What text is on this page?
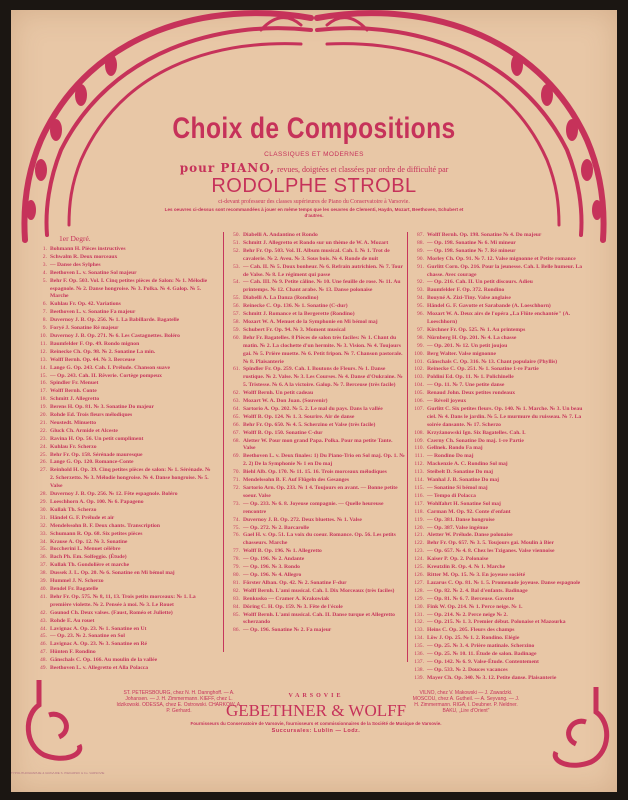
Choix de Compositions
CLASSIQUES ET MODERNES
pour PIANO, revues, doigtées et classées par ordre de difficulté par
RODOLPHE STROBL
ci-devant professeur des classes supérieures de Piano du Conservatoire à Varsovie.
Les oeuvres ci-dessus sont recommandées à jouer en même temps que les oeuvres de Clementi, Haydn, Mozart, Beethoven, Schubert et d'autres.
1er Degré.
1. Bohmann H. Pièces instructives
2. Schwalm R. Deux morceaux
3. — Danse des Sylphes
4. Beethoven L. v. Sonatine Sol majeur
5. Behr F. Op. 503. Vol. I. Cinq petites pièces de Salon: № 1. Mélodie espagnole. № 2. Danse hongroise. № 3. Polka. № 4. Galop. № 5. Marche
6. Kuhlau Fr. Op. 42. Variations
7. Beethoven L. v. Sonatine Fa majeur
8. Duvernoy J. B. Op. 256. № 1. La Babillarde. Bagatelle
9. Foryé J. Sonatine Ré majeur
10. Duvernoy J. B. Op. 271. № 6. Les Castagnettes. Boléro
11. Baumfelder F. Op. 49. Rondo mignon
12. Reinecke Ch. Op. 98. № 2. Sonatine La min.
13. Wolff Bernh. Op. 44. № 3. Berceuse
14. Lange G. Op. 243. Cah. I. Prélude. Chanson suave
15. — Op. 243. Cah. II. Rêverie. Cortège pompeux
16. Spindler Fr. Menuet
17. Wolff Bernh. Conte
18. Schmitt J. Allegretto
19. Berens H. Op. 81. № 3. Sonatine Do majeur
20. Rohde Ed. Trois fleurs mélodiques
21. Neustedt. Minuetto
22. Gluck Ch. Armide et Alceste
23. Ravina H. Op. 56. Un petit compliment
24. Kuhlau Fr. Scherzo
25. Behr Fr. Op. 158. Sérénade mauresque
26. Lange G. Op. 120. Romance-Conte
27. Reinhold H. Op. 39. Cinq petites pièces de salon: № 1. Sérénade. № 2. Scherzetto. № 3. Mélodie hongroise. № 4. Danse hongroise. № 5. Valse
28. Duvernoy J. B. Op. 256. № 12. Fête espagnole. Boléro
29. Loeschhorn A. Op. 100. № 6. Papageno
30. Kullak Th. Scherzo
31. Händel G. F. Prélude et air
32. Mendelssohn B. F. Deux chants. Transcription
33. Schumann R. Op. 68. Six petites pièces
34. Krause A. Op. 12. № 3. Sonatine
35. Boccherini L. Menuet célèbre
36. Bach Ph. Em. Solfeggio. (Étude)
37. Kullak Th. Gondolière et marche
38. Dussek J. L. Op. 20. № 6. Sonatine en Mi bémol maj
39. Hummel J. N. Scherzo
40. Bendel Fr. Bagatelle
41. Behr Fr. Op. 575. № 8, 11, 13. Trois petits morceaux: № 1. La première violette. № 2. Pensée à moi. № 3. Le Rouet
42. Gounod Ch. Deux valses. (Faust, Roméo et Juliette)
43. Rohde E. Au rouet
44. Lavignac A. Op. 23. № 1. Sonatine en Ut
45. — Op. 23. № 2. Sonatine en Sol
46. Lavignac A. Op. 23. № 3. Sonatine en Ré
47. Hünten F. Rondino
48. Gänschals C. Op. 166. Au moulin de la vallée
49. Beethoven L. v. Allegretto et Alla Polacca
50. Diabelli A. Andantino et Rondo
51. Schmitt J. Allegretto et Rondo sur un thème de W. A. Mozart
52. Behr Fr. Op. 503. Vol. II. Album musical. Cah. I. № 1. Trot de cavalerie. № 2. Aveu. № 3. Sous bois. № 4. Ronde de nuit
53. — Cah. II. № 5. Doux bonheur. № 6. Refrain autrichien. № 7. Tour de Valse. № 8. Le régiment qui passe
54. — Cah. III. № 9. Petite câline. № 10. Une feuille de rose. № 11. Au printemps. № 12. Chant arabe. № 13. Danse polonaise
55. Diabelli A. La Danza (Rondino)
56. Reinecke C. Op. 136. № 1. Sonatine (C-dur)
57. Schmitt J. Romance et la Bergerette (Rondino)
58. Mozart W. A. Menuet de la Symphonie en Mi bémol maj
59. Schubert Fr. Op. 94. № 3. Moment musical
60. Behr Fr. Bagatelles. 8 Pièces de salon très faciles: № 1. Chant du matin. № 2. La clochette d'un hermite. № 3. Vision. № 4. Toujours gai. № 5. Prière muette. № 6. Petit fripon. № 7. Chanson pastorale. № 8. Plaisanterie
61. Spindler Fr. Op. 259. Cah. I. Boutons de Fleurs. № 1. Danse rustique. № 2. Valse. № 3. Les Courses. № 4. Danse d'Oukraine. № 5. Tristesse. № 6. A la victoire. Galop. № 7. Berceuse (très facile)
62. Wolff Bernh. Un petit cadeau
63. Mozart W. A. Don Juan. (Souvenir)
64. Sartorio A. Op. 202. № 5. 2. Le mal du pays. Dans la vallée
65. Wolff B. Op. 124. № 1. 3. Sourire. Air de danse
66. Behr Fr. Op. 650. № 4. 5. Scherzino et Valse (très facile)
67. Wolff B. Op. 150. Sonatine C-dur
68. Aletter W. Pour mon grand Papa. Polka. Pour ma petite Tante. Valse
69. Beethoven L. v. Deux finales: 1) Du Piano-Trio en Sol maj. Op. 1. № 2. 2) De la Symphonie № 1 en Do maj
70. Biehl Alb. Op. 170. № 11. 15. 16. Trois morceaux mélodiques
71. Mendelssohn B. F. Auf Flügeln des Gesanges
72. Sartorio Arn. Op. 233. № 1 4. Toujours en avant. — Bonne petite soeur. Valse
73. — Op. 233. № 6. 8. Joyeuse compagnie. — Quelle heureuse rencontre
74. Duvernoy J. B. Op. 272. Deux bluettes. № 1. Valse
75. — Op. 272. № 2. Barcarolle
76. Gael H. v. Op. 51. La voix du coeur. Romance. Op. 56. Les petits chasseurs. Marche
77. Wolff B. Op. 196. № 1. Allegretto
78. — Op. 196. № 2. Andante
79. — Op. 196. № 3. Rondo
80. — Op. 196. № 4. Allegro
81. Förster Alban. Op. 42. № 2. Sonatine F-dur
82. Wolff Bernh. L'ami musical. Cah. I. Dix Morceaux (très faciles)
83. Renkusko — Cramer A. Krakowiak
84. Döring C. H. Op. 159. № 3. Fête de l'école
85. Wolff Bernh. L'ami musical. Cah. II. Danse turque et Allegretto scherzando
86. — Op. 196. Sonatine № 2. Fa majeur
87. Wolff Bernh. Op. 198. Sonatine № 4. Do majeur
88. — Op. 198. Sonatine № 6. Mi mineur
89. — Op. 198. Sonatine № 7. Ré mineur
90. Morley Ch. Op. 91. № 7. 12. Valse mignonne et Petite romance
91. Gurlitt Corn. Op. 216. Pour la jeunesse. Cah. I. Belle humeur. La chasse. Avec courage
92. — Op. 216. Cah. II. Un petit discours. Adieu
93. Baumfelder F. Op. 372. Rondino
94. Bouyné A. Zizi-Tiny. Valse anglaise
95. Händel G. F. Gavotte et Sarabande (A. Loeschhorn)
96. Mozart W. A. Deux airs de l'opéra „La Flûte enchantée" (A. Loeschhorn)
97. Kirchner Fr. Op. 525. № 1. Au printemps
98. Nürnberg H. Op. 201. № 4. La chasse
99. — Op. 201. № 12. Un petit joujou
100. Berg Walter. Valse mignonne
101. Gänschals C. Op. 316. № 13. Chant populaire (Phyllis)
102. Reinecke C. Op. 251. № 1. Sonatine 1-re Partie
103. Poldini Ed. Op. 11. № 1. Polichinelle
104. — Op. 11. № 7. Une petite danse
105. Renaud John. Deux petites rondeaux
106. — Réveil joyeux
107. Gurlitt C. Six petites fleurs. Op. 140. № 1. Marche. № 3. Un beau ciel. № 4. Dans le jardin. № 5. Le murmure du ruisseau. № 7. La soirée dansante. № 17. Scherzo
108. Krzyżanowski Ign. Six Bagatelles. Cah. I.
109. Czerny Ch. Sonatine Do maj. 1-re Partie
110. Gellnek. Rondo Fa maj
111. — Rondino Do maj
112. Mackenzie A. C. Rondino Sol maj
113. Steibelt D. Sonatine Do maj
114. Wanhal J. B. Sonatine Do maj
115. — Sonatine Si bémol maj
116. — Tempo di Polacca
117. Wohlfahrt H. Sonatine Sol maj
118. Carman M. Op. 92. Conte d'enfant
119. — Op. 381. Danse hongroise
120. — Op. 387. Valse ingénue
121. Aletter W. Prélude. Danse polonaise
122. Behr Fr. Op. 657. № 3. 5. Toujours gai. Moulin à Bier
123. — Op. 657. № 4. 8. Chez les Tziganes. Valse viennoise
124. Kaiser P. Op. 2. Polonaise
125. Kreutzlin R. Op. 4. № 1. Marche
126. Ritter M. Op. 15. № 3. En joyeuse société
127. Lazarus C. Op. 81. № 1. 5. Promenade joyeuse. Danse espagnole
128. — Op. 82. № 2. 4. Bal d'enfants. Badinage
129. — Op. 81. № 6. 7. Berceuse. Gavotte
130. Fink W. Op. 214. № 1. Perce neige. № 1.
131. — Op. 214. № 2. Perce neige № 2.
132. — Op. 215. № 1. 3. Premier début. Polonaise et Mazourka
133. Heins C. Op. 205. Fleurs des champs
134. Löw J. Op. 25. № 1. 2. Rondino. Elégie
135. — Op. 25. № 3. 4. Prière matinale. Scherzino
136. — Op. 25. № 10. 11. Étude de salon. Badinage
137. — Op. 142. № 6. 9. Valse-Étude. Contentement
138. — Op. 533. № 2. Douces vacances
139. Mayer Ch. Op. 340. № 3. 12. Petite danse. Plaisanterie
ST. PETERSBOURG, chez N. H. Dannghoff. — A. Johansen. — J. H. Zimmermann. KIEFF, chez L. Idzikowski. ODESSA, chez E. Ostrowski. CHARKOW, A. P. Gerhard.
VARSOVIE
GEBETHNER & WOLFF
Fournisseurs du Conservatoire de Varsovie, fournisseurs et commissionnaires de la Société de Musique de Varsovie.
Succursales: Lublin — Lodz.
VILNO, chez V. Makowski — J. Zawadzki. MOSCOU, chez A. Gutheil. — A. Seyvang. — J. H. Zimmermann. RIGA, I. Deubner. P. Neldner. BAKU, „Lire d'Orient"
TYPOLITHOGRAPHIE & GRAVURE S. PIEKARSKI & Co. VARSOVIE
